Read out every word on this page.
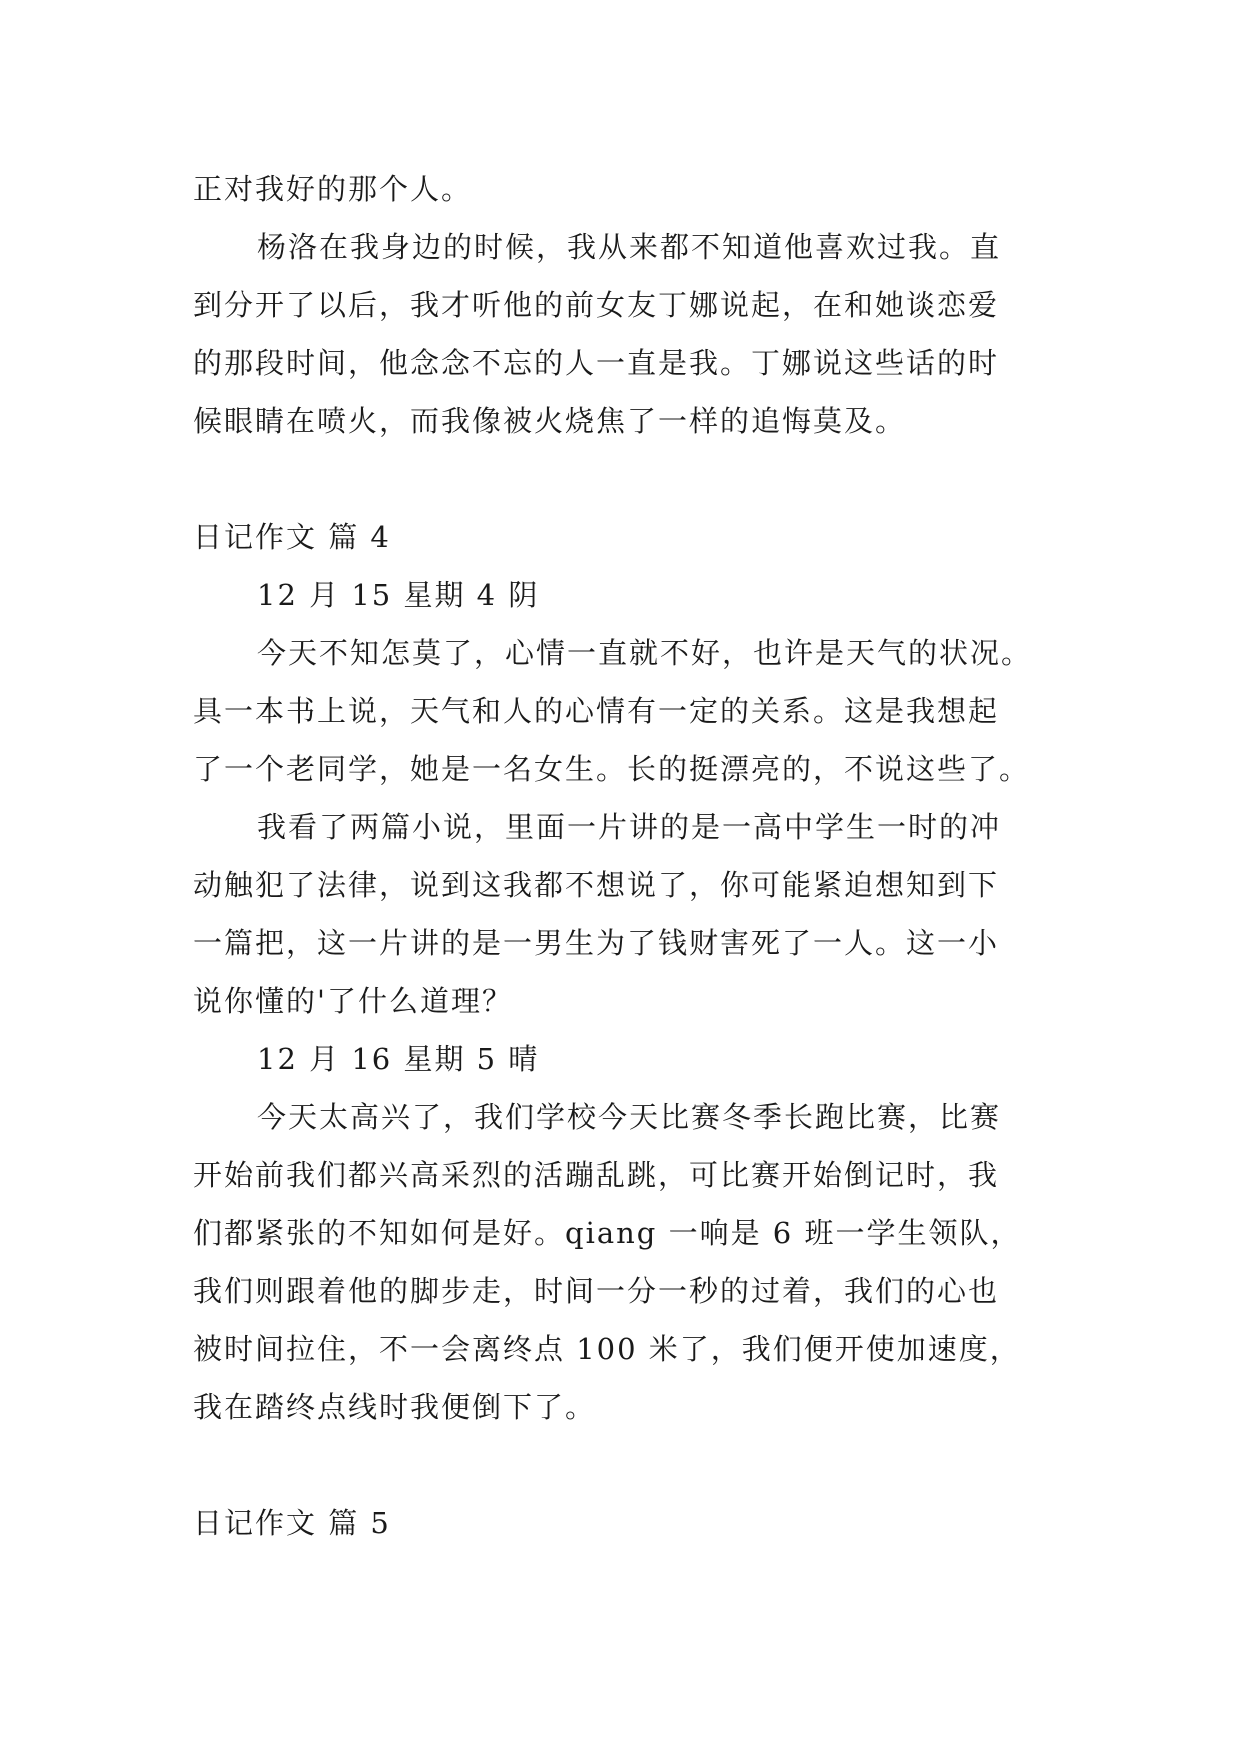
正对我好的那个人。

杨洛在我身边的时候，我从来都不知道他喜欢过我。直

到分开了以后，我才听他的前女友丁娜说起，在和她谈恋爱

的那段时间，他念念不忘的人一直是我。丁娜说这些话的时

候眼睛在喷火，而我像被火烧焦了一样的追悔莫及。

日记作文 篇 4

12 月 15 星期 4 阴

今天不知怎莫了，心情一直就不好，也许是天气的状况。

具一本书上说，天气和人的心情有一定的关系。这是我想起

了一个老同学，她是一名女生。长的挺漂亮的，不说这些了。

我看了两篇小说，里面一片讲的是一高中学生一时的冲

动触犯了法律，说到这我都不想说了，你可能紧迫想知到下

一篇把，这一片讲的是一男生为了钱财害死了一人。这一小

说你懂的'了什么道理？

12 月 16 星期 5 晴

今天太高兴了，我们学校今天比赛冬季长跑比赛，比赛

开始前我们都兴高采烈的活蹦乱跳，可比赛开始倒记时，我

们都紧张的不知如何是好。qiang 一响是 6 班一学生领队，

我们则跟着他的脚步走，时间一分一秒的过着，我们的心也

被时间拉住，不一会离终点 100 米了，我们便开使加速度，

我在踏终点线时我便倒下了。

日记作文 篇 5
